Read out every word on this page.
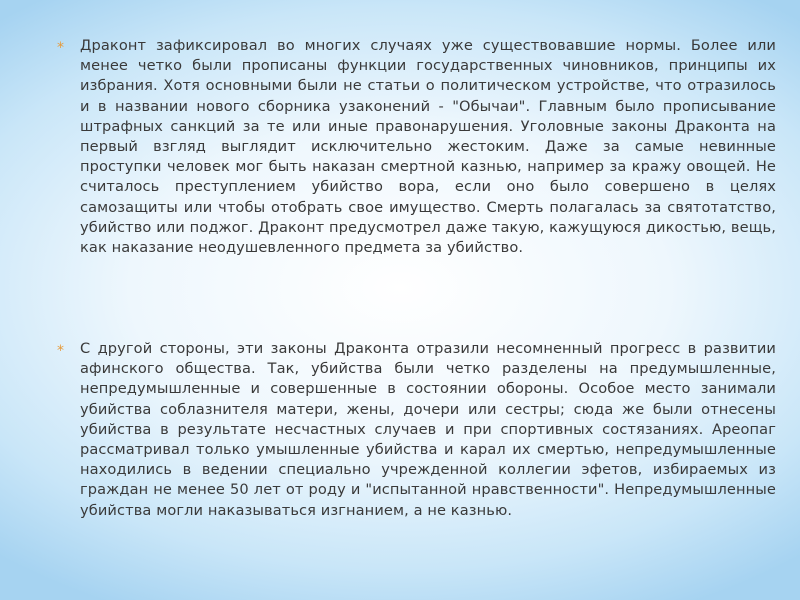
*	Драконт зафиксировал во многих случаях уже существовавшие нормы. Более или менее четко были прописаны функции государственных чиновников, принципы их избрания. Хотя основными были не статьи о политическом устройстве, что отразилось и в названии нового сборника узаконений - "Обычаи". Главным было прописывание штрафных санкций за те или иные правонарушения. Уголовные законы Драконта на первый взгляд выглядит исключительно жестоким. Даже за самые невинные проступки человек мог быть наказан смертной казнью, например за кражу овощей. Не считалось преступлением убийство вора, если оно было совершено в целях самозащиты или чтобы отобрать свое имущество. Смерть полагалась за святотатство, убийство или поджог. Драконт предусмотрел даже такую, кажущуюся дикостью, вещь, как наказание неодушевленного предмета за убийство.

*	С другой стороны, эти законы Драконта отразили несомненный прогресс в развитии афинского общества. Так, убийства были четко разделены на предумышленные, непредумышленные и совершенные в состоянии обороны. Особое место занимали убийства соблазнителя матери, жены, дочери или сестры; сюда же были отнесены убийства в результате несчастных случаев и при спортивных состязаниях. Ареопаг рассматривал только умышленные убийства и карал их смертью, непредумышленные находились в ведении специально учрежденной коллегии эфетов, избираемых из граждан не менее 50 лет от роду и "испытанной нравственности". Непредумышленные убийства могли наказываться изгнанием, а не казнью.
